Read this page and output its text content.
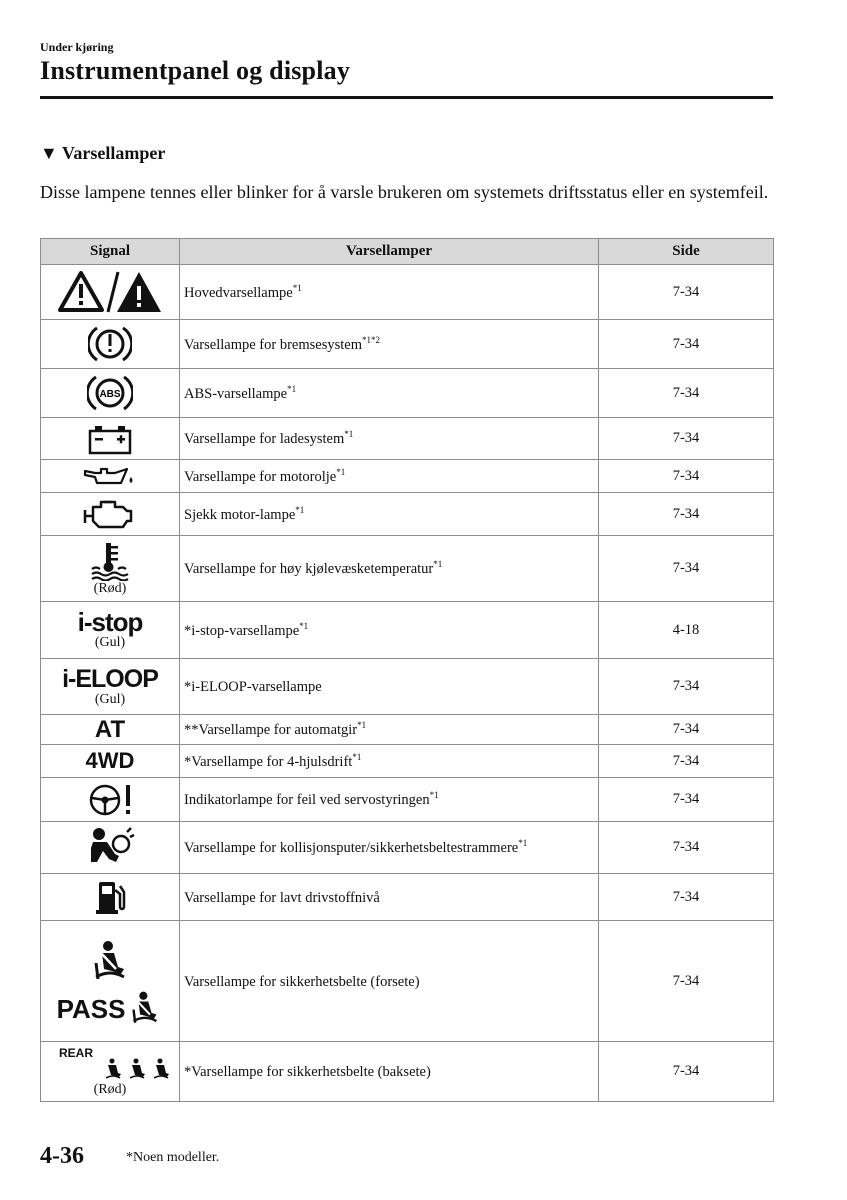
Under kjøring
Instrumentpanel og display
▼ Varsellamper
Disse lampene tennes eller blinker for å varsle brukeren om systemets driftsstatus eller en systemfeil.
Signal	Varsellamper	Side

	Hovedvarsellampe$^{*1}$	7-34

	Varsellampe for bremsesystem$^{*1*2}$	7-34

ABS	ABS-varsellampe$^{*1}$	7-34

	Varsellampe for ladesystem$^{*1}$	7-34

	Varsellampe for motorolje$^{*1}$	7-34

	Sjekk motor-lampe$^{*1}$	7-34

(Rød)	Varsellampe for høy kjølevæsketemperatur$^{*1}$	7-34

i-stop
(Gul)	*i-stop-varsellampe$^{*1}$	4-18

i-ELOOP
(Gul)	*i-ELOOP-varsellampe	7-34

AT	**Varsellampe for automatgir$^{*1}$	7-34

4WD	*Varsellampe for 4-hjulsdrift$^{*1}$	7-34

	Indikatorlampe for feil ved servostyringen$^{*1}$	7-34

	Varsellampe for kollisjonsputer/sikkerhetsbeltestrammere$^{*1}$	7-34

	Varsellampe for lavt drivstoffnivå	7-34

PASS	Varsellampe for sikkerhetsbelte (forsete)	7-34

REAR
(Rød)	*Varsellampe for sikkerhetsbelte (baksete)	7-34
4-36	*Noen modeller.
